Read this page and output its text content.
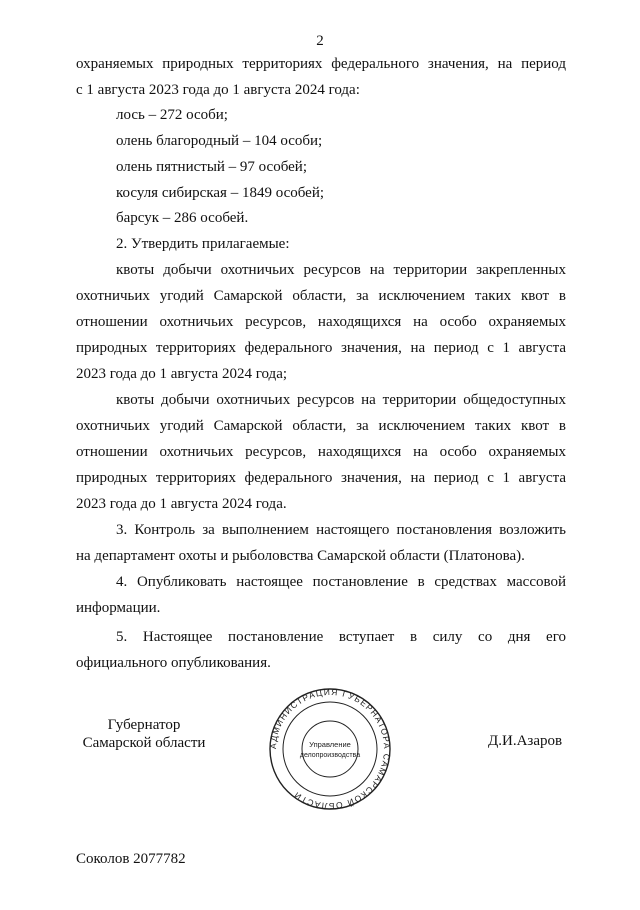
2
охраняемых природных территориях федерального значения, на период
с 1 августа 2023 года до 1 августа 2024 года:
лось – 272 особи;
олень благородный – 104 особи;
олень пятнистый – 97 особей;
косуля сибирская – 1849 особей;
барсук – 286 особей.
2. Утвердить прилагаемые:
квоты добычи охотничьих ресурсов на территории закрепленных
охотничьих угодий Самарской области, за исключением таких квот в
отношении охотничьих ресурсов, находящихся на особо охраняемых
природных территориях федерального значения, на период с 1 августа
2023 года до 1 августа 2024 года;
квоты добычи охотничьих ресурсов на территории общедоступных
охотничьих угодий Самарской области, за исключением таких квот в
отношении охотничьих ресурсов, находящихся на особо охраняемых
природных территориях федерального значения, на период с 1 августа
2023 года до 1 августа 2024 года.
3. Контроль за выполнением настоящего постановления возложить
на департамент охоты и рыболовства Самарской области (Платонова).
4. Опубликовать настоящее постановление в средствах массовой
информации.
5. Настоящее постановление вступает в силу со дня его
официального опубликования.
Губернатор
Самарской области	АДМИНИСТРАЦИЯ ГУБЕРНАТОРА САМАРСКОЙ ОБЛАСТИ
Управление
делопроизводства
Д.И.Азаров
Соколов 2077782
